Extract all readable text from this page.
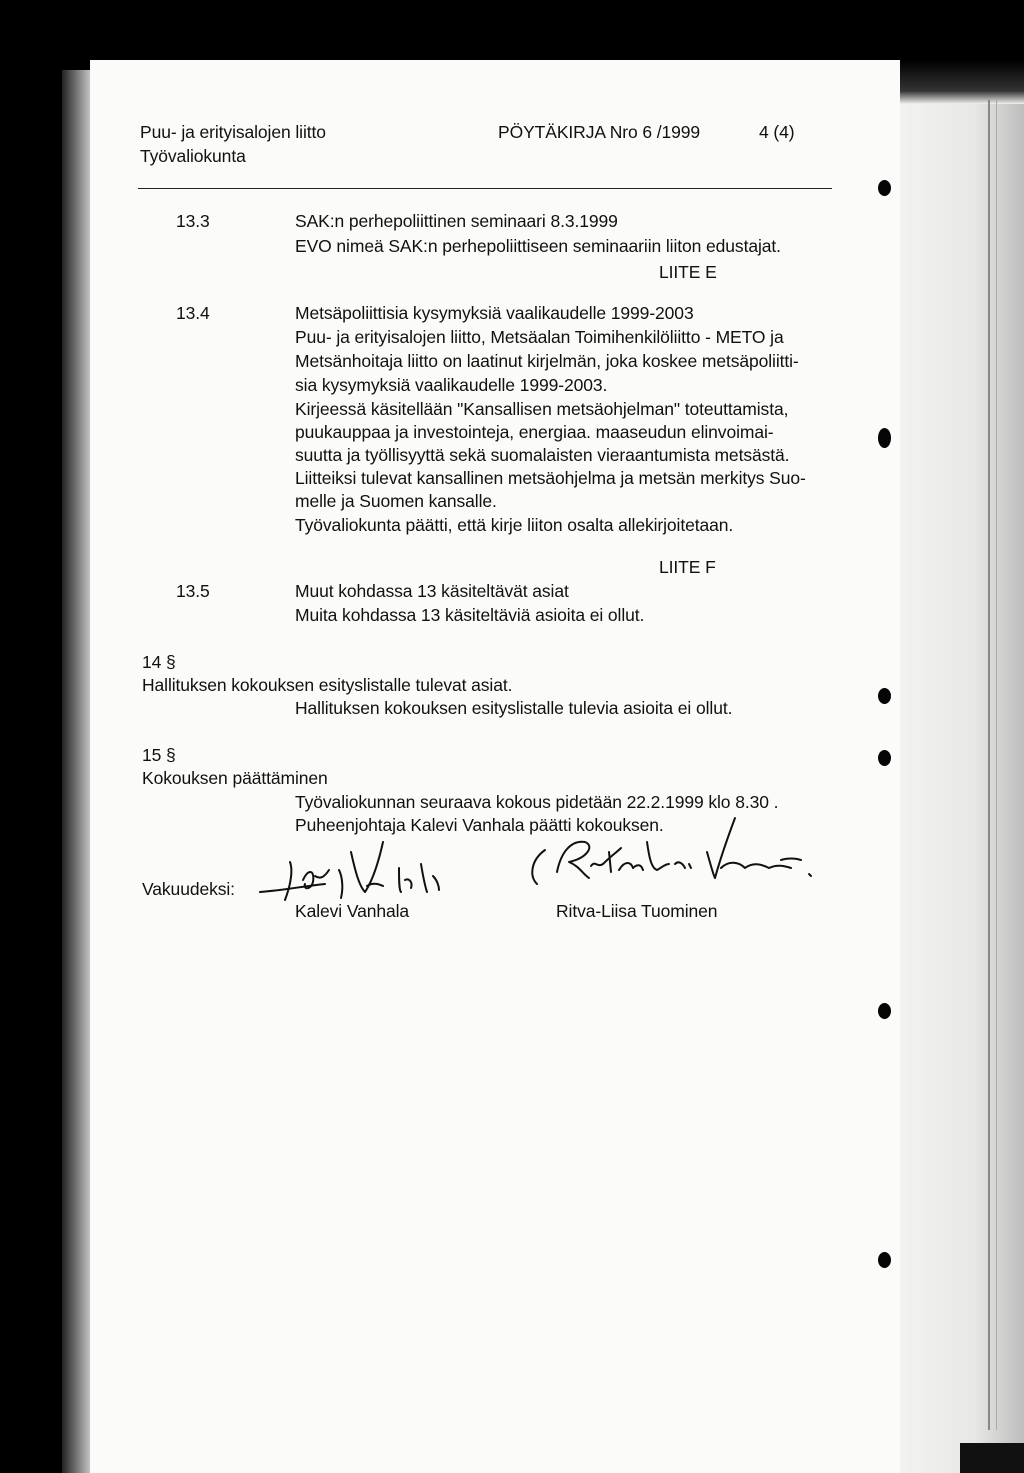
Puu- ja erityisalojen liitto
Työvaliokunta
PÖYTÄKIRJA Nro 6 /1999	4 (4)
13.3	SAK:n perhepoliittinen seminaari 8.3.1999
EVO nimeä SAK:n perhepoliittiseen seminaariin liiton edustajat.
LIITE E
13.4	Metsäpoliittisia kysymyksiä vaalikaudelle 1999-2003
Puu- ja erityisalojen liitto, Metsäalan Toimihenkilöliitto - METO ja
Metsänhoitaja liitto on laatinut kirjelmän, joka koskee metsäpoliitti-
sia kysymyksiä vaalikaudelle 1999-2003.
Kirjeessä käsitellään "Kansallisen metsäohjelman" toteuttamista,
puukauppaa ja investointeja, energiaa. maaseudun elinvoimai-
suutta ja työllisyyttä sekä suomalaisten vieraantumista metsästä.
Liitteiksi tulevat kansallinen metsäohjelma ja metsän merkitys Suo-
melle ja Suomen kansalle.
Työvaliokunta päätti, että kirje liiton osalta allekirjoitetaan.
LIITE F
13.5	Muut kohdassa 13 käsiteltävät asiat
Muita kohdassa 13 käsiteltäviä asioita ei ollut.
14 §
Hallituksen kokouksen esityslistalle tulevat asiat.
Hallituksen kokouksen esityslistalle tulevia asioita ei ollut.
15 §
Kokouksen päättäminen
Työvaliokunnan seuraava kokous pidetään 22.2.1999 klo 8.30 .
Puheenjohtaja Kalevi Vanhala päätti kokouksen.
Vakuudeksi:
Kalevi Vanhala	Ritva-Liisa Tuominen
